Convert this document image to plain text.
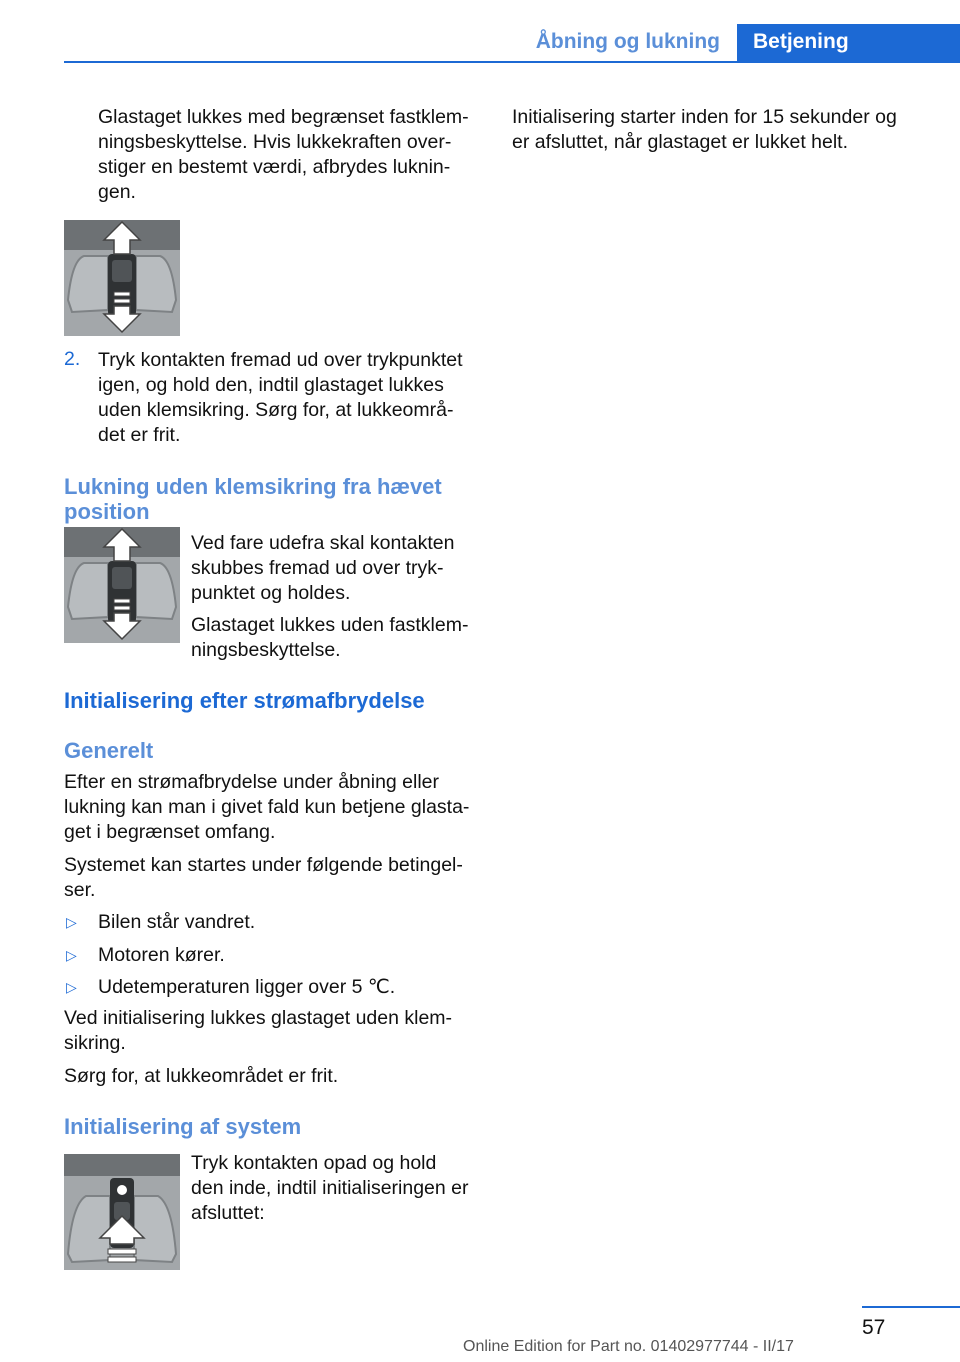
Åbning og lukning Betjening
Glastaget lukkes med begrænset fastklem-
ningsbeskyttelse. Hvis lukkekraften over-
stiger en bestemt værdi, afbrydes luknin-
gen.
2. Tryk kontakten fremad ud over trykpunktet
igen, og hold den, indtil glastaget lukkes
uden klemsikring. Sørg for, at lukkeområ-
det er frit.
Lukning uden klemsikring fra hævet
position
Ved fare udefra skal kontakten
skubbes fremad ud over tryk-
punktet og holdes.
Glastaget lukkes uden fastklem-
ningsbeskyttelse.
Initialisering efter strømafbrydelse
Generelt
Efter en strømafbrydelse under åbning eller
lukning kan man i givet fald kun betjene glasta-
get i begrænset omfang.
Systemet kan startes under følgende betingel-
ser.
▷ Bilen står vandret.
▷ Motoren kører.
▷ Udetemperaturen ligger over 5 ℃.
Ved initialisering lukkes glastaget uden klem-
sikring.
Sørg for, at lukkeområdet er frit.
Initialisering af system
Tryk kontakten opad og hold
den inde, indtil initialiseringen er
afsluttet:
Initialisering starter inden for 15 sekunder og
er afsluttet, når glastaget er lukket helt.
57
Online Edition for Part no. 01402977744 - II/17
